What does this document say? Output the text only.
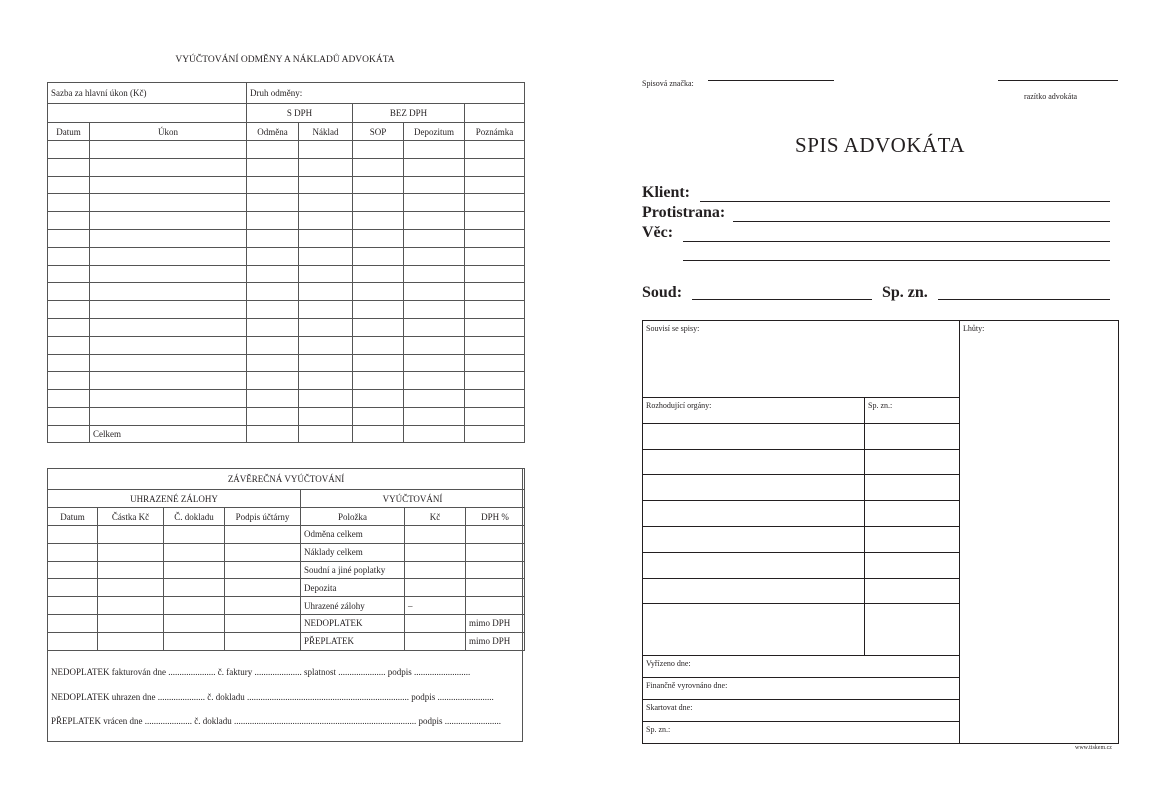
VYÚČTOVÁNÍ ODMĚNY A NÁKLADŮ ADVOKÁTA
Sazba za hlavní úkon (Kč)		Druh odměny:				
		S DPH		BEZ DPH		
Datum	Úkon	Odměna	Náklad	SOP	Depozitum	Poznámka

	Celkem					
ZÁVĚREČNÁ VYÚČTOVÁNÍ						
UHRAZENÉ ZÁLOHY				VYÚČTOVÁNÍ		
Datum	Částka Kč	Č. dokladu	Podpis účtárny	Položka	Kč	DPH %
				Odměna celkem		
				Náklady celkem		
				Soudní a jiné poplatky		
				Depozita		
				Uhrazené zálohy	–	
				NEDOPLATEK		mimo DPH
				PŘEPLATEK		mimo DPH
NEDOPLATEK fakturován dne ..................... č. faktury ..................... splatnost ..................... podpis .........................
NEDOPLATEK uhrazen dne ..................... č. dokladu ........................................................................ podpis .........................
PŘEPLATEK vrácen dne ..................... č. dokladu ................................................................................. podpis .........................
Spisová značka:
razítko advokáta
SPIS ADVOKÁTA
Klient:
Protistrana:
Věc:
Soud:	Sp. zn.
Souvisí se spisy:	Lhůty:
Rozhodující orgány:	Sp. zn.:
Vyřízeno dne:
Finančně vyrovnáno dne:
Skartovat dne:
Sp. zn.:
www.tiskem.cz
